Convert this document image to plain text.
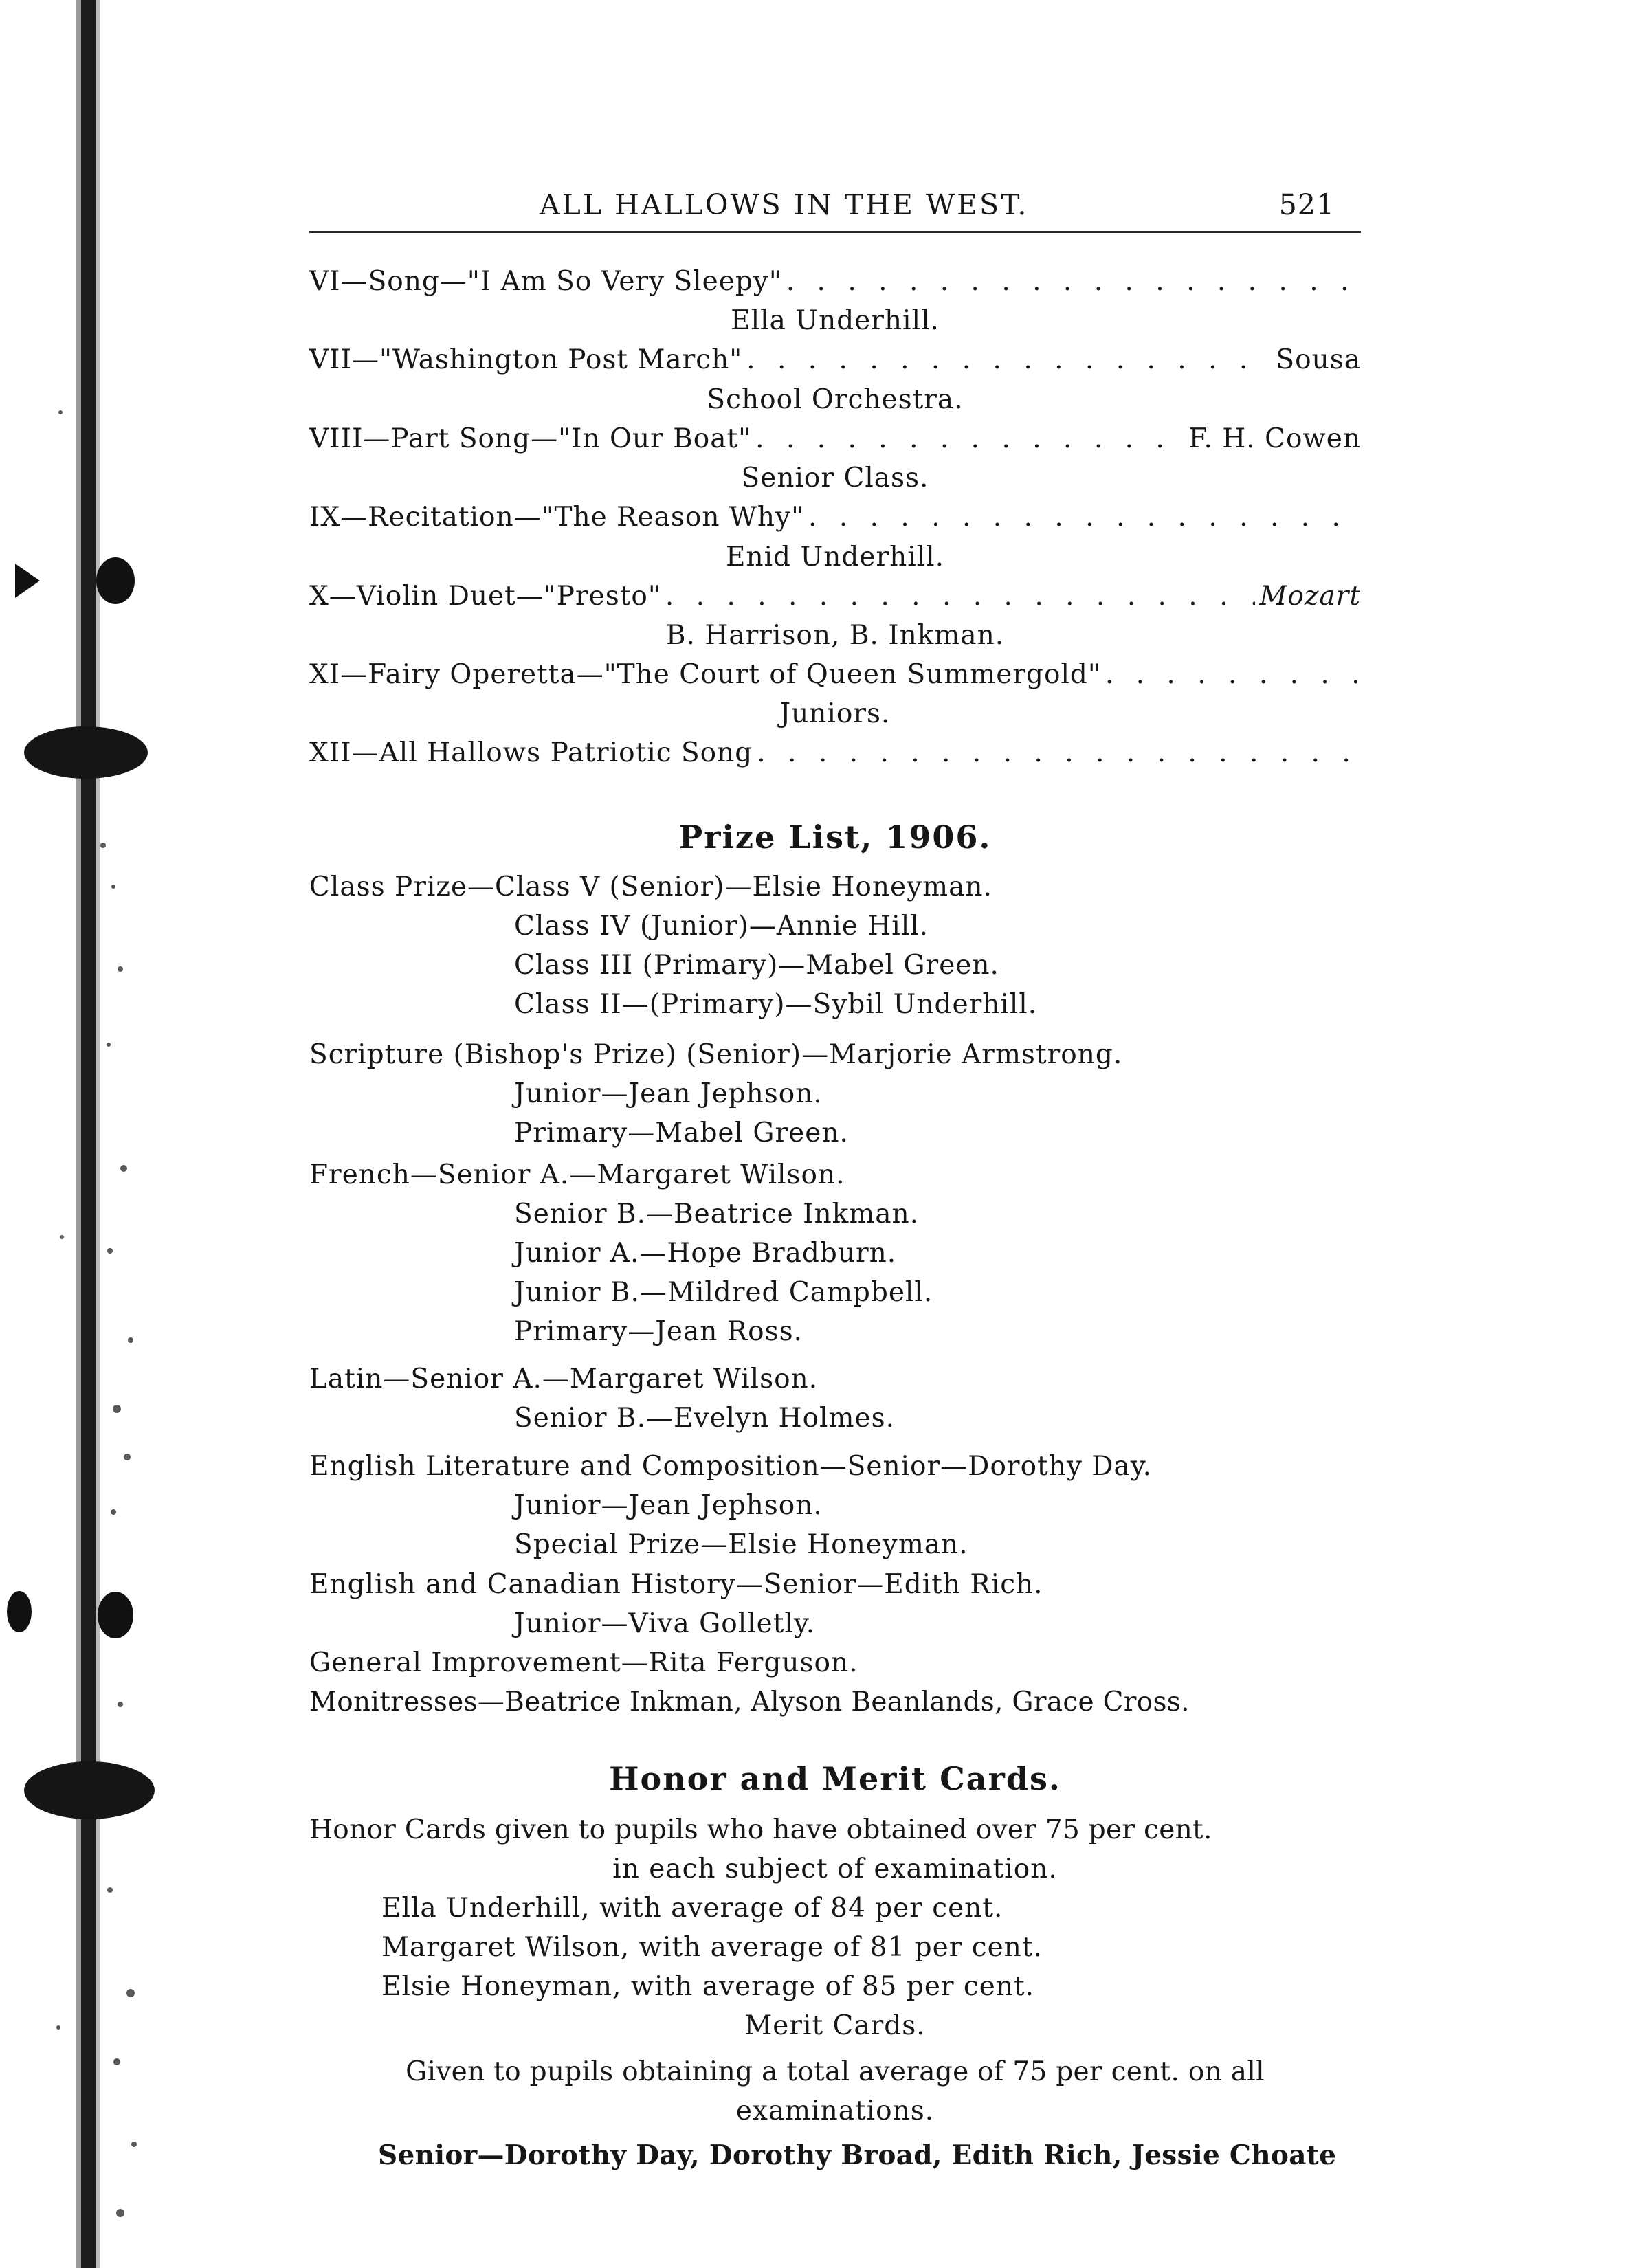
ALL HALLOWS IN THE WEST.	521
VI—Song—"I Am So Very Sleepy"
. . .
Ella Underhill.
VII—"Washington Post March" . . .	Sousa
School Orchestra.
VIII—Part Song—"In Our Boat" . . .	F. H. Cowen
Senior Class.
IX—Recitation—"The Reason Why"
. . .
Enid Underhill.
X—Violin Duet—"Presto" . . .	Mozart
B. Harrison, B. Inkman.
XI—Fairy Operetta—"The Court of Queen Summergold"
. . .
Juniors.
XII—All Hallows Patriotic Song
. . .
Prize List, 1906.
Class Prize—Class V (Senior)—Elsie Honeyman.
Class IV (Junior)—Annie Hill.
Class III (Primary)—Mabel Green.
Class II—(Primary)—Sybil Underhill.
Scripture (Bishop's Prize) (Senior)—Marjorie Armstrong.
Junior—Jean Jephson.
Primary—Mabel Green.
French—Senior A.—Margaret Wilson.
Senior B.—Beatrice Inkman.
Junior A.—Hope Bradburn.
Junior B.—Mildred Campbell.
Primary—Jean Ross.
Latin—Senior A.—Margaret Wilson.
Senior B.—Evelyn Holmes.
English Literature and Composition—Senior—Dorothy Day.
Junior—Jean Jephson.
Special Prize—Elsie Honeyman.
English and Canadian History—Senior—Edith Rich.
Junior—Viva Golletly.
General Improvement—Rita Ferguson.
Monitresses—Beatrice Inkman, Alyson Beanlands, Grace Cross.
Honor and Merit Cards.
Honor Cards given to pupils who have obtained over 75 per cent.
in each subject of examination.
Ella Underhill, with average of 84 per cent.
Margaret Wilson, with average of 81 per cent.
Elsie Honeyman, with average of 85 per cent.
Merit Cards.
Given to pupils obtaining a total average of 75 per cent. on all
examinations.
Senior—Dorothy Day, Dorothy Broad, Edith Rich, Jessie Choate
